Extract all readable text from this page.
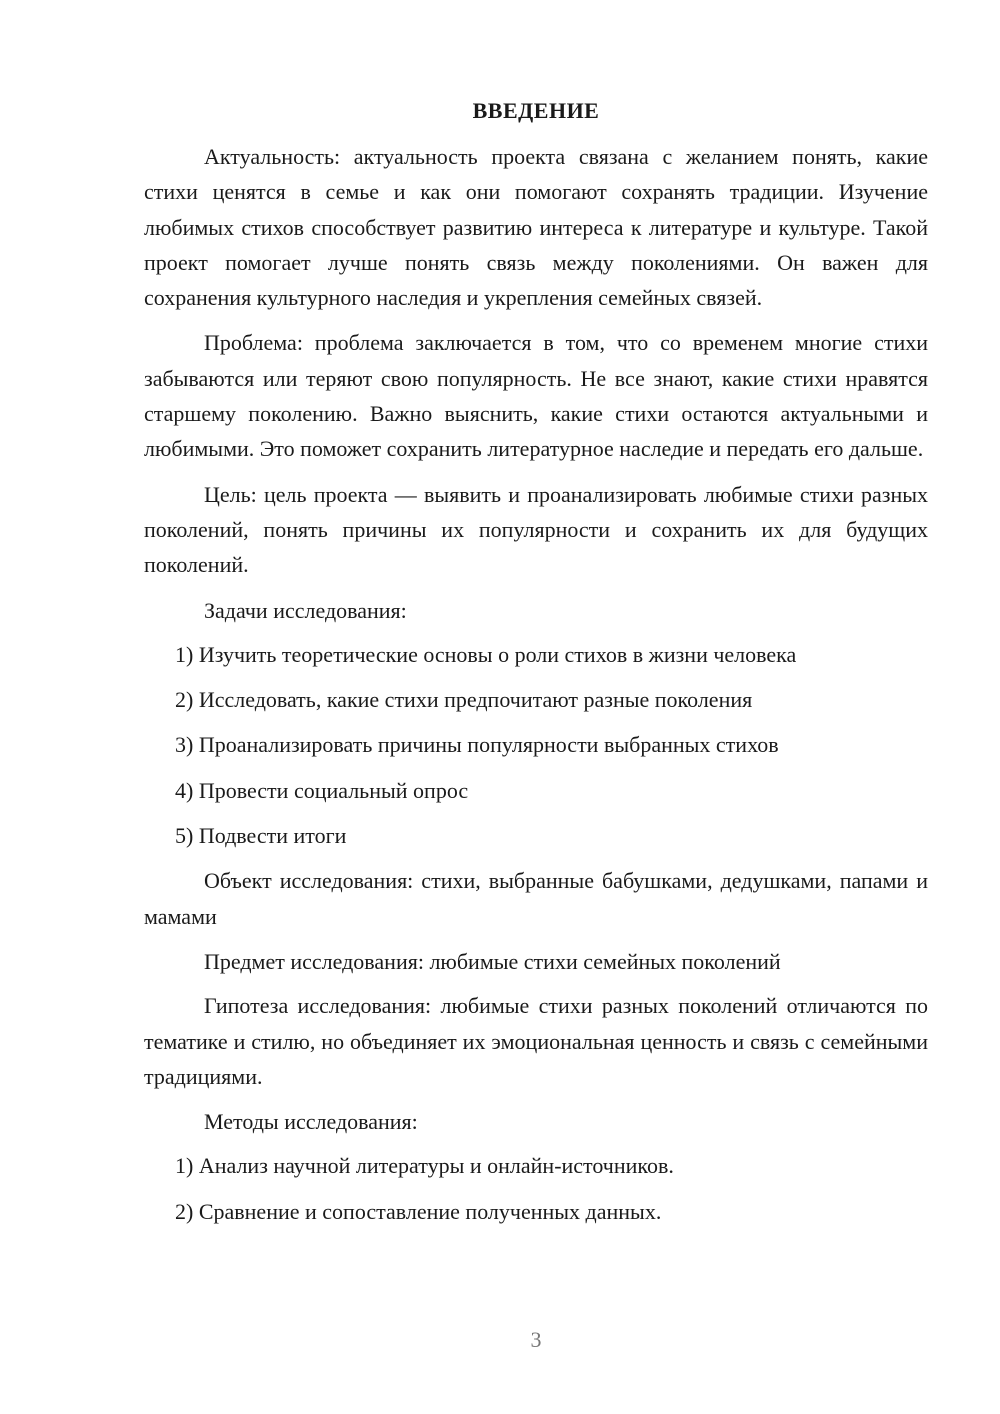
ВВЕДЕНИЕ

Актуальность: актуальность проекта связана с желанием понять, какие стихи ценятся в семье и как они помогают сохранять традиции. Изучение любимых стихов способствует развитию интереса к литературе и культуре. Такой проект помогает лучше понять связь между поколениями. Он важен для сохранения культурного наследия и укрепления семейных связей.

Проблема: проблема заключается в том, что со временем многие стихи забываются или теряют свою популярность. Не все знают, какие стихи нравятся старшему поколению. Важно выяснить, какие стихи остаются актуальными и любимыми. Это поможет сохранить литературное наследие и передать его дальше.

Цель: цель проекта — выявить и проанализировать любимые стихи разных поколений, понять причины их популярности и сохранить их для будущих поколений.

Задачи исследования:

1) Изучить теоретические основы о роли стихов в жизни человека
2) Исследовать, какие стихи предпочитают разные поколения
3) Проанализировать причины популярности выбранных стихов
4) Провести социальный опрос
5) Подвести итоги

Объект исследования: стихи, выбранные бабушками, дедушками, папами и мамами

Предмет исследования: любимые стихи семейных поколений

Гипотеза исследования: любимые стихи разных поколений отличаются по тематике и стилю, но объединяет их эмоциональная ценность и связь с семейными традициями.

Методы исследования:

1) Анализ научной литературы и онлайн-источников.
2) Сравнение и сопоставление полученных данных.
3
